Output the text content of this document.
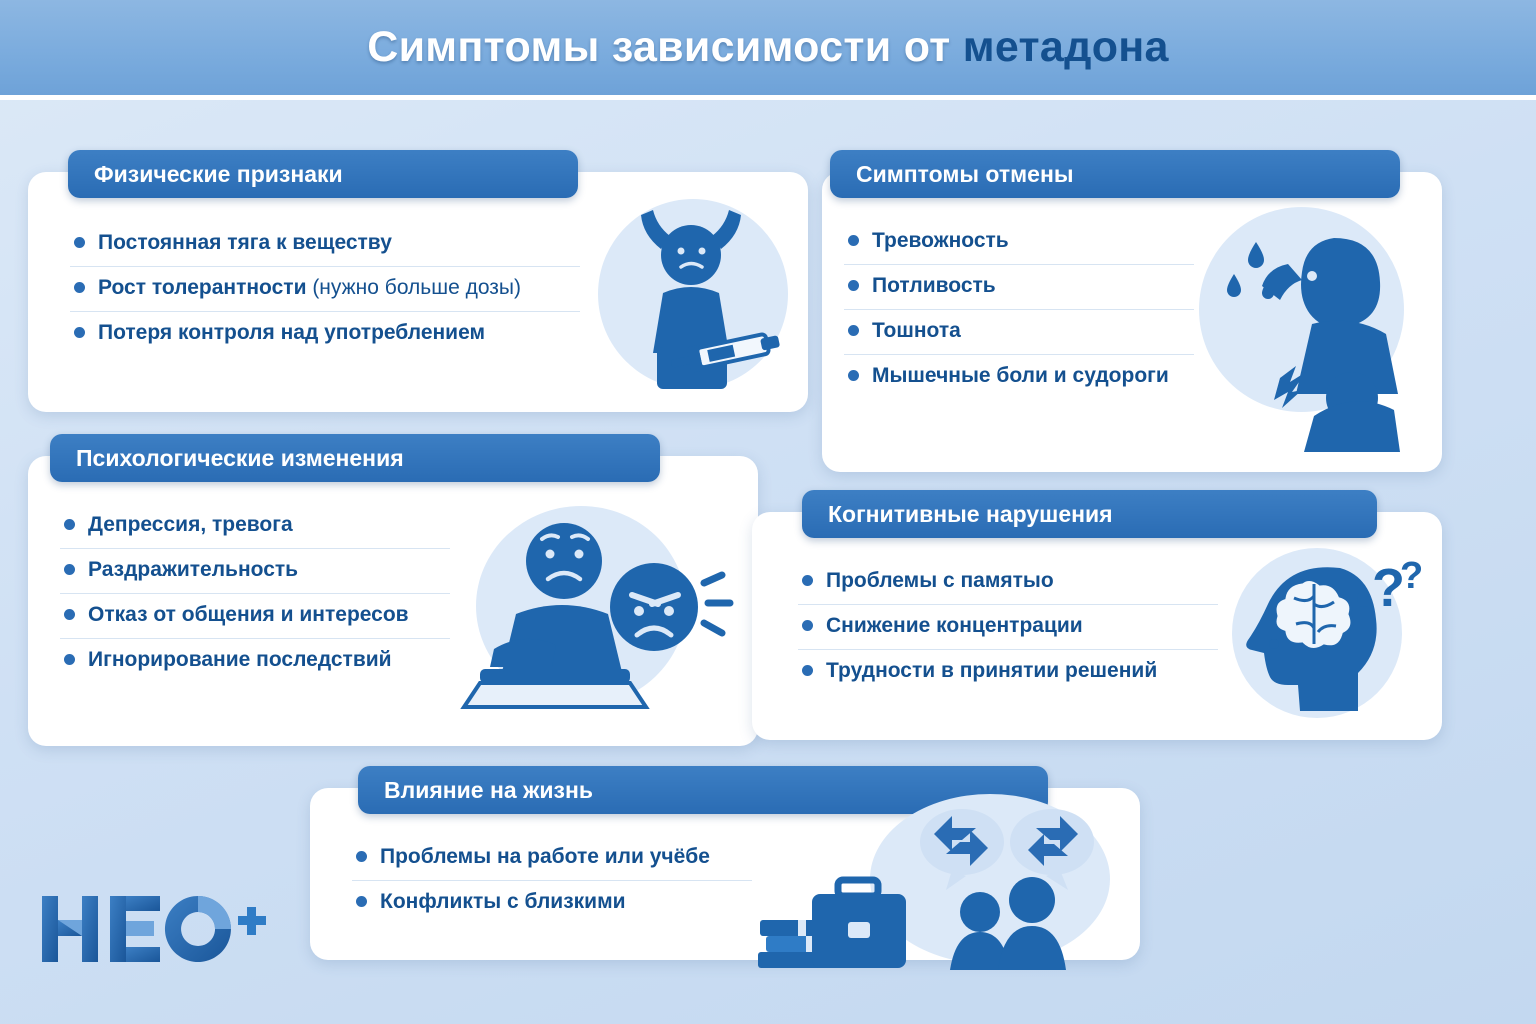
Симптомы зависимости от метадона
Физические признаки
Постоянная тяга к веществу
Рост толерантности (нужно больше дозы)
Потеря контроля над употреблением
Психологические изменения
Депрессия, тревога
Раздражительность
Отказ от общения и интересов
Игнорирование последствий
Симптомы отмены
Тревожность
Потливость
Тошнота
Мышечные боли и судороги
Когнитивные нарушения
Проблемы с памятыо
Снижение концентрации
Трудности в принятии решений
?
?
Влияние на жизнь
Проблемы на работе или учёбе
Конфликты с близкими
